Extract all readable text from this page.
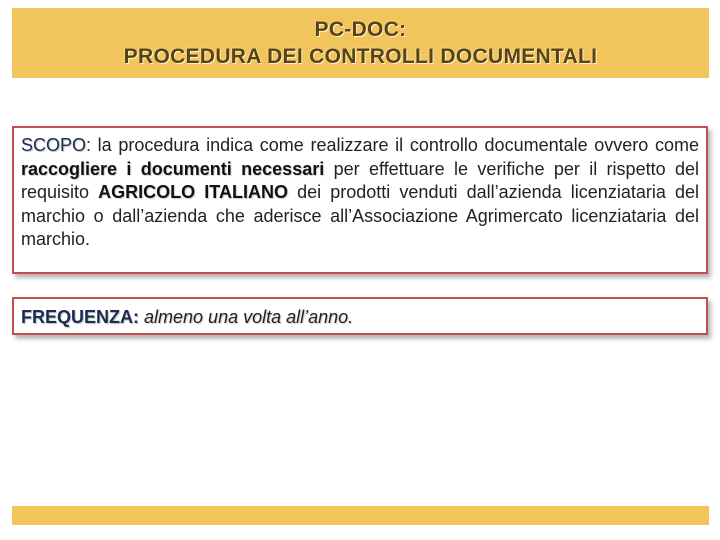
PC-DOC:
PROCEDURA DEI CONTROLLI DOCUMENTALI
SCOPO: la procedura indica come realizzare il controllo documentale ovvero come raccogliere i documenti necessari per effettuare le verifiche per il rispetto del requisito AGRICOLO ITALIANO dei prodotti venduti dall’azienda licenziataria del marchio o dall’azienda che aderisce all’Associazione Agrimercato licenziataria del marchio.
FREQUENZA: almeno una volta all’anno.
